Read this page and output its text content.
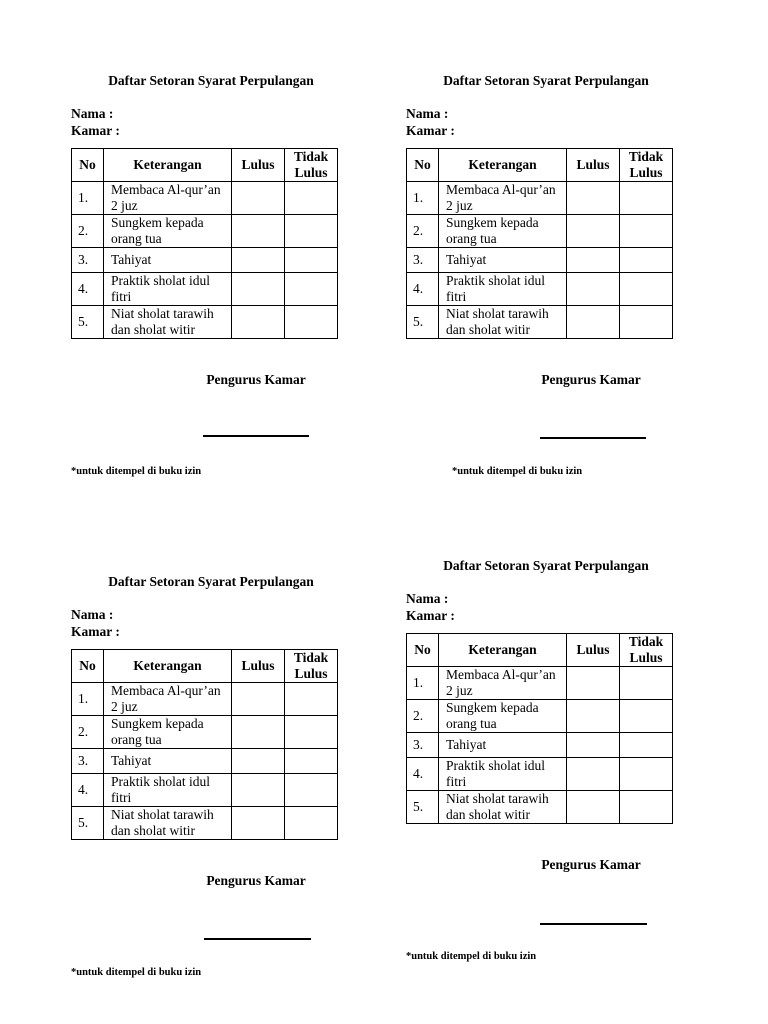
Daftar Setoran Syarat Perpulangan
Nama :
Kamar :
No	Keterangan	Lulus	Tidak
Lulus
1.	Membaca Al-qur’an
2 juz		
2.	Sungkem kepada
orang tua		
3.	Tahiyat		
4.	Praktik sholat idul
fitri		
5.	Niat sholat tarawih
dan sholat witir		
Pengurus Kamar
*untuk ditempel di buku izin
Daftar Setoran Syarat Perpulangan
Nama :
Kamar :
No	Keterangan	Lulus	Tidak
Lulus
1.	Membaca Al-qur’an
2 juz		
2.	Sungkem kepada
orang tua		
3.	Tahiyat		
4.	Praktik sholat idul
fitri		
5.	Niat sholat tarawih
dan sholat witir		
Pengurus Kamar
*untuk ditempel di buku izin
Daftar Setoran Syarat Perpulangan
Nama :
Kamar :
No	Keterangan	Lulus	Tidak
Lulus
1.	Membaca Al-qur’an
2 juz		
2.	Sungkem kepada
orang tua		
3.	Tahiyat		
4.	Praktik sholat idul
fitri		
5.	Niat sholat tarawih
dan sholat witir		
Pengurus Kamar
*untuk ditempel di buku izin
Daftar Setoran Syarat Perpulangan
Nama :
Kamar :
No	Keterangan	Lulus	Tidak
Lulus
1.	Membaca Al-qur’an
2 juz		
2.	Sungkem kepada
orang tua		
3.	Tahiyat		
4.	Praktik sholat idul
fitri		
5.	Niat sholat tarawih
dan sholat witir		
Pengurus Kamar
*untuk ditempel di buku izin
